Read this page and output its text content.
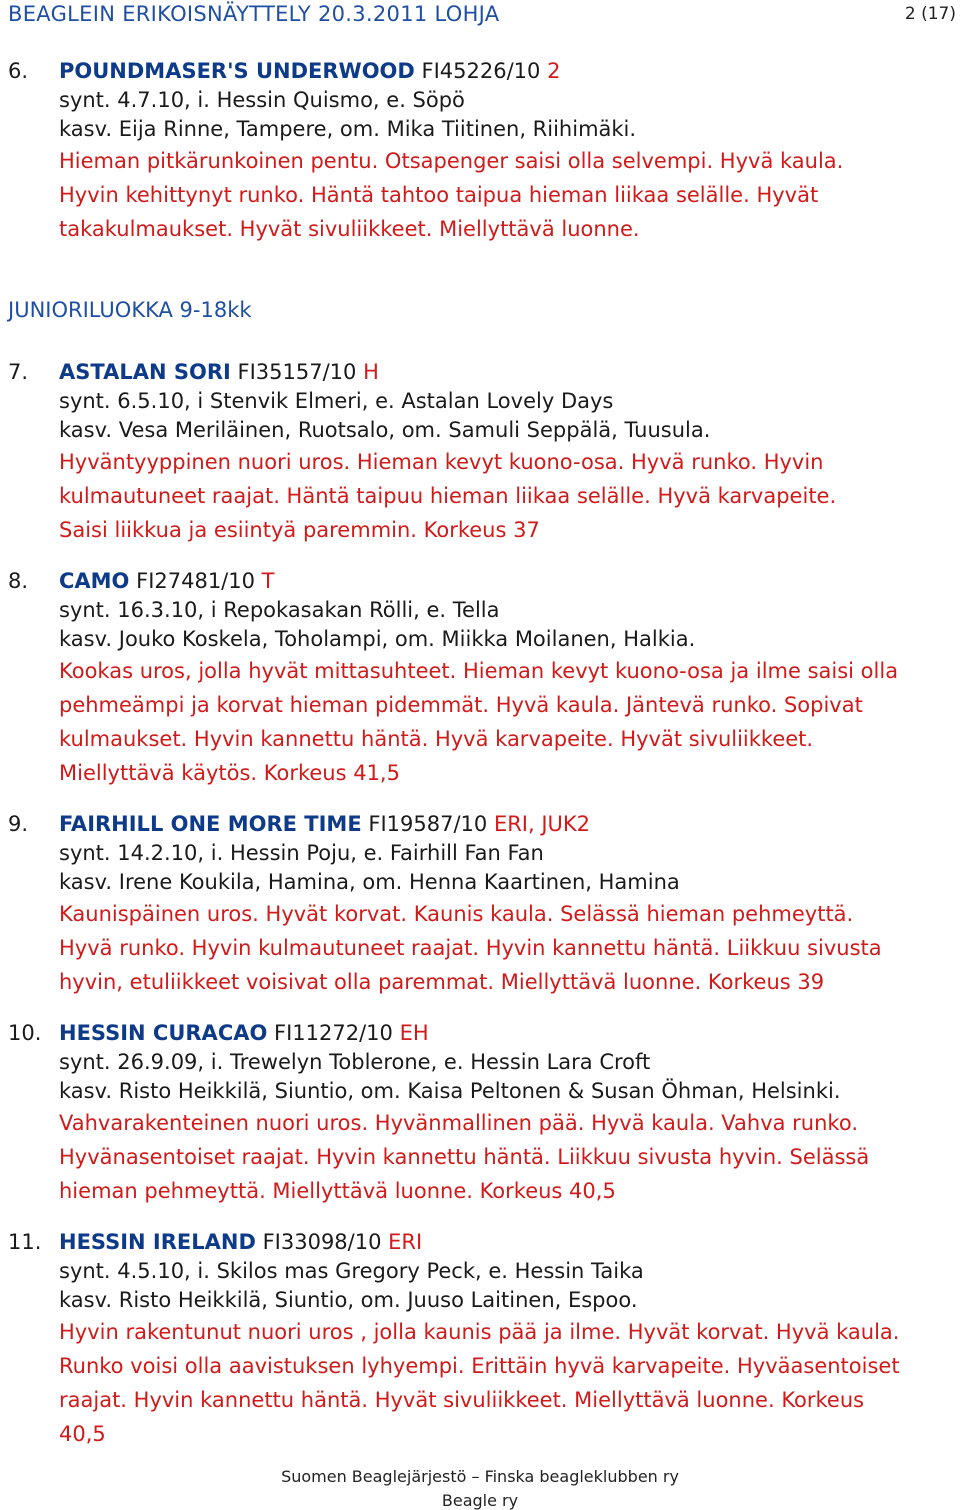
BEAGLEIN ERIKOISNÄYTTELY 20.3.2011 LOHJA	2 (17)
6. POUNDMASER'S UNDERWOOD FI45226/10 2
synt. 4.7.10, i. Hessin Quismo, e. Söpö
kasv. Eija Rinne, Tampere, om. Mika Tiitinen, Riihimäki.
Hieman pitkärunkoinen pentu. Otsapenger saisi olla selvempi. Hyvä kaula.
Hyvin kehittynyt runko. Häntä tahtoo taipua hieman liikaa selälle. Hyvät
takakulmaukset. Hyvät sivuliikkeet. Miellyttävä luonne.
JUNIORILUOKKA 9-18kk
7. ASTALAN SORI FI35157/10 H
synt. 6.5.10, i Stenvik Elmeri, e. Astalan Lovely Days
kasv. Vesa Meriläinen, Ruotsalo, om. Samuli Seppälä, Tuusula.
Hyväntyyppinen nuori uros. Hieman kevyt kuono-osa. Hyvä runko. Hyvin
kulmautuneet raajat. Häntä taipuu hieman liikaa selälle. Hyvä karvapeite.
Saisi liikkua ja esiintyä paremmin. Korkeus 37
8. CAMO FI27481/10 T
synt. 16.3.10, i Repokasakan Rölli, e. Tella
kasv. Jouko Koskela, Toholampi, om. Miikka Moilanen, Halkia.
Kookas uros, jolla hyvät mittasuhteet. Hieman kevyt kuono-osa ja ilme saisi olla
pehmeämpi ja korvat hieman pidemmät. Hyvä kaula. Jäntevä runko. Sopivat
kulmaukset. Hyvin kannettu häntä. Hyvä karvapeite. Hyvät sivuliikkeet.
Miellyttävä käytös. Korkeus 41,5
9. FAIRHILL ONE MORE TIME FI19587/10 ERI, JUK2
synt. 14.2.10, i. Hessin Poju, e. Fairhill Fan Fan
kasv. Irene Koukila, Hamina, om. Henna Kaartinen, Hamina
Kaunispäinen uros. Hyvät korvat. Kaunis kaula. Selässä hieman pehmeyttä.
Hyvä runko. Hyvin kulmautuneet raajat. Hyvin kannettu häntä. Liikkuu sivusta
hyvin, etuliikkeet voisivat olla paremmat. Miellyttävä luonne. Korkeus 39
10. HESSIN CURACAO FI11272/10 EH
synt. 26.9.09, i. Trewelyn Toblerone, e. Hessin Lara Croft
kasv. Risto Heikkilä, Siuntio, om. Kaisa Peltonen & Susan Öhman, Helsinki.
Vahvarakenteinen nuori uros. Hyvänmallinen pää. Hyvä kaula. Vahva runko.
Hyvänasentoiset raajat. Hyvin kannettu häntä. Liikkuu sivusta hyvin. Selässä
hieman pehmeyttä. Miellyttävä luonne. Korkeus 40,5
11. HESSIN IRELAND FI33098/10 ERI
synt. 4.5.10, i. Skilos mas Gregory Peck, e. Hessin Taika
kasv. Risto Heikkilä, Siuntio, om. Juuso Laitinen, Espoo.
Hyvin rakentunut nuori uros , jolla kaunis pää ja ilme. Hyvät korvat. Hyvä kaula.
Runko voisi olla aavistuksen lyhyempi. Erittäin hyvä karvapeite. Hyväasentoiset
raajat. Hyvin kannettu häntä. Hyvät sivuliikkeet. Miellyttävä luonne. Korkeus
40,5
Suomen Beaglejärjestö – Finska beagleklubben ry
Beagle ry
